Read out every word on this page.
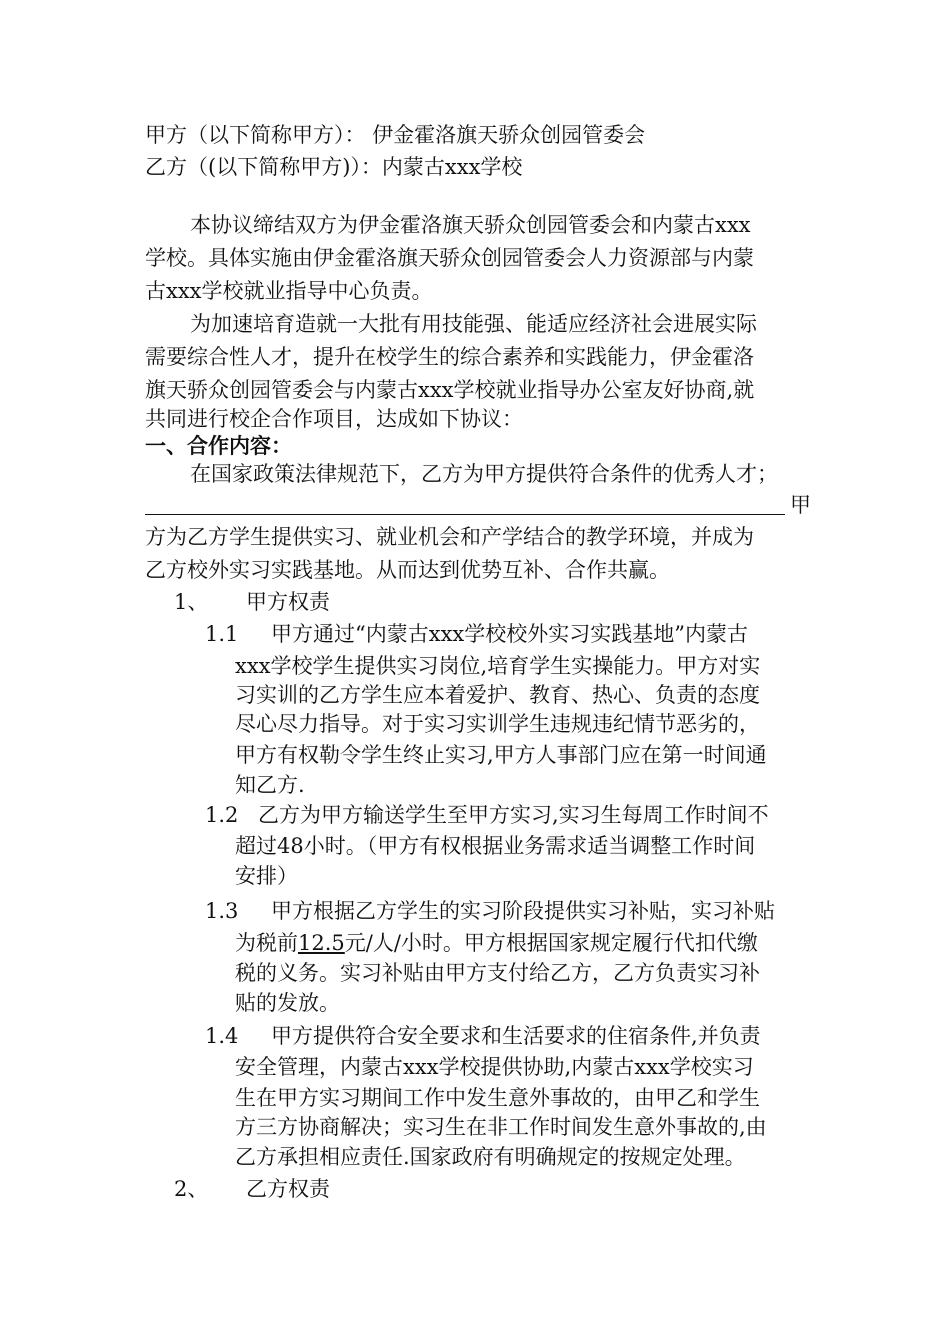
甲方（以下简称甲方）： 伊金霍洛旗天骄众创园管委会
乙方（(以下简称甲方)）：内蒙古xxx学校
本协议缔结双方为伊金霍洛旗天骄众创园管委会和内蒙古xxx
学校。具体实施由伊金霍洛旗天骄众创园管委会人力资源部与内蒙
古xxx学校就业指导中心负责。
为加速培育造就一大批有用技能强、能适应经济社会进展实际
需要综合性人才，提升在校学生的综合素养和实践能力，伊金霍洛
旗天骄众创园管委会与内蒙古xxx学校就业指导办公室友好协商,就
共同进行校企合作项目，达成如下协议：
一、合作内容：
在国家政策法律规范下，乙方为甲方提供符合条件的优秀人才；
甲
方为乙方学生提供实习、就业机会和产学结合的教学环境，并成为
乙方校外实习实践基地。从而达到优势互补、合作共赢。
1、 甲方权责
1.1 甲方通过“内蒙古xxx学校校外实习实践基地”内蒙古
xxx学校学生提供实习岗位,培育学生实操能力。甲方对实
习实训的乙方学生应本着爱护、教育、热心、负责的态度
尽心尽力指导。对于实习实训学生违规违纪情节恶劣的，
甲方有权勒令学生终止实习,甲方人事部门应在第一时间通
知乙方.
1.2 乙方为甲方输送学生至甲方实习,实习生每周工作时间不
超过48小时。（甲方有权根据业务需求适当调整工作时间
安排）
1.3 甲方根据乙方学生的实习阶段提供实习补贴，实习补贴
为税前12.5元/人/小时。甲方根据国家规定履行代扣代缴
税的义务。实习补贴由甲方支付给乙方，乙方负责实习补
贴的发放。
1.4 甲方提供符合安全要求和生活要求的住宿条件,并负责
安全管理，内蒙古xxx学校提供协助,内蒙古xxx学校实习
生在甲方实习期间工作中发生意外事故的，由甲乙和学生
方三方协商解决；实习生在非工作时间发生意外事故的,由
乙方承担相应责任.国家政府有明确规定的按规定处理。
2、 乙方权责
